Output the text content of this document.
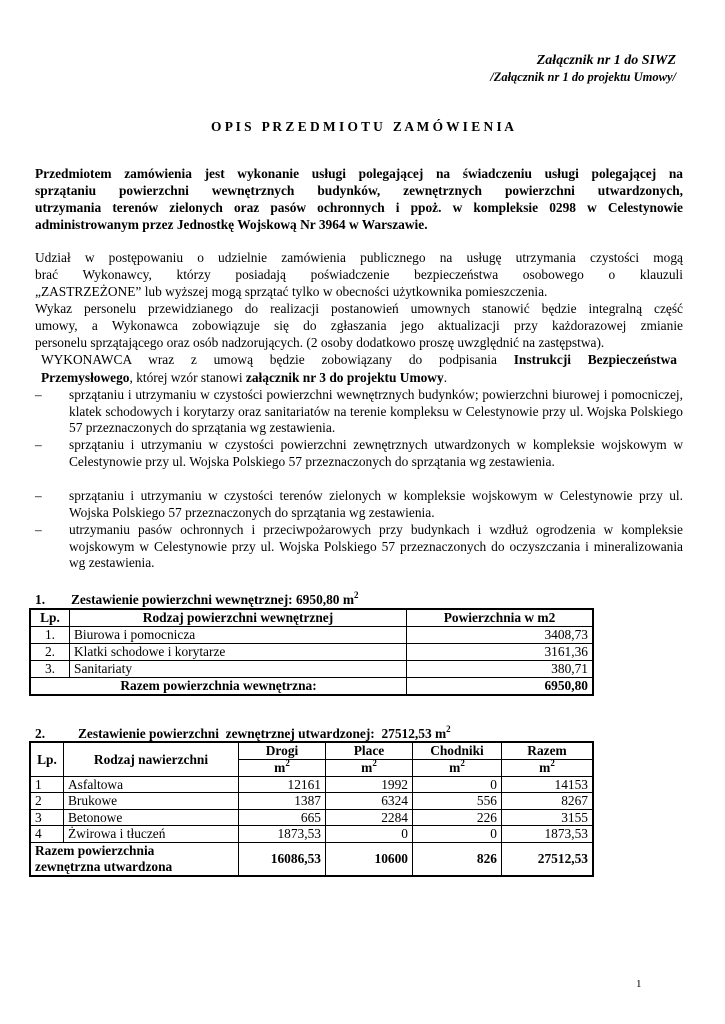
Załącznik nr 1 do SIWZ
/Załącznik nr 1 do projektu Umowy/
O P I S   P R Z E D M I O T U   Z A M Ó W I E N I A
Przedmiotem zamówienia jest wykonanie usługi polegającej na świadczeniu usługi polegającej na
sprzątaniu powierzchni wewnętrznych budynków, zewnętrznych powierzchni utwardzonych,
utrzymania terenów zielonych oraz pasów ochronnych i ppoż. w kompleksie 0298 w Celestynowie
administrowanym przez Jednostkę Wojskową Nr 3964 w Warszawie.
Udział w postępowaniu o udzielnie zamówienia publicznego na usługę utrzymania czystości mogą
brać Wykonawcy, którzy posiadają poświadczenie bezpieczeństwa osobowego o klauzuli
„ZASTRZEŻONE” lub wyższej mogą sprzątać tylko w obecności użytkownika pomieszczenia.
Wykaz personelu przewidzianego do realizacji postanowień umownych stanowić będzie integralną część
umowy, a Wykonawca zobowiązuje się do zgłaszania jego aktualizacji przy każdorazowej zmianie
personelu sprzątającego oraz osób nadzorujących. (2 osoby dodatkowo proszę uwzględnić na zastępstwa).
WYKONAWCA wraz z umową będzie zobowiązany do podpisania Instrukcji Bezpieczeństwa
Przemysłowego, której wzór stanowi załącznik nr 3 do projektu Umowy.
– sprzątaniu i utrzymaniu w czystości powierzchni wewnętrznych budynków; powierzchni biurowej i pomocniczej, klatek schodowych i korytarzy oraz sanitariatów na terenie kompleksu w Celestynowie przy ul. Wojska Polskiego 57 przeznaczonych do sprzątania wg zestawienia.
– sprzątaniu i utrzymaniu w czystości powierzchni zewnętrznych utwardzonych w kompleksie wojskowym w Celestynowie przy ul. Wojska Polskiego 57 przeznaczonych do sprzątania wg zestawienia.
– sprzątaniu i utrzymaniu w czystości terenów zielonych w kompleksie wojskowym w Celestynowie przy ul. Wojska Polskiego 57 przeznaczonych do sprzątania wg zestawienia.
– utrzymaniu pasów ochronnych i przeciwpożarowych przy budynkach i wzdłuż ogrodzenia w kompleksie wojskowym w Celestynowie przy ul. Wojska Polskiego 57 przeznaczonych do oczyszczania i mineralizowania wg zestawienia.
1. Zestawienie powierzchni wewnętrznej: 6950,80 $m^2$
Lp.	Rodzaj powierzchni wewnętrznej	Powierzchnia w m2
1.	Biurowa i pomocnicza	3408,73
2.	Klatki schodowe i korytarze	3161,36
3.	Sanitariaty	380,71
Razem powierzchnia wewnętrzna:		6950,80
2. Zestawienie powierzchni  zewnętrznej utwardzonej:  27512,53 $m^2$
Lp.	Rodzaj nawierzchni	Drogi	Place	Chodniki	Razem
		$m^2$	$m^2$	$m^2$	$m^2$
1	Asfaltowa	12161	1992	0	14153
2	Brukowe	1387	6324	556	8267
3	Betonowe	665	2284	226	3155
4	Żwirowa i tłuczeń	1873,53	0	0	1873,53

Razem powierzchnia
zewnętrzna utwardzona		16086,53	10600	826	27512,53
1
